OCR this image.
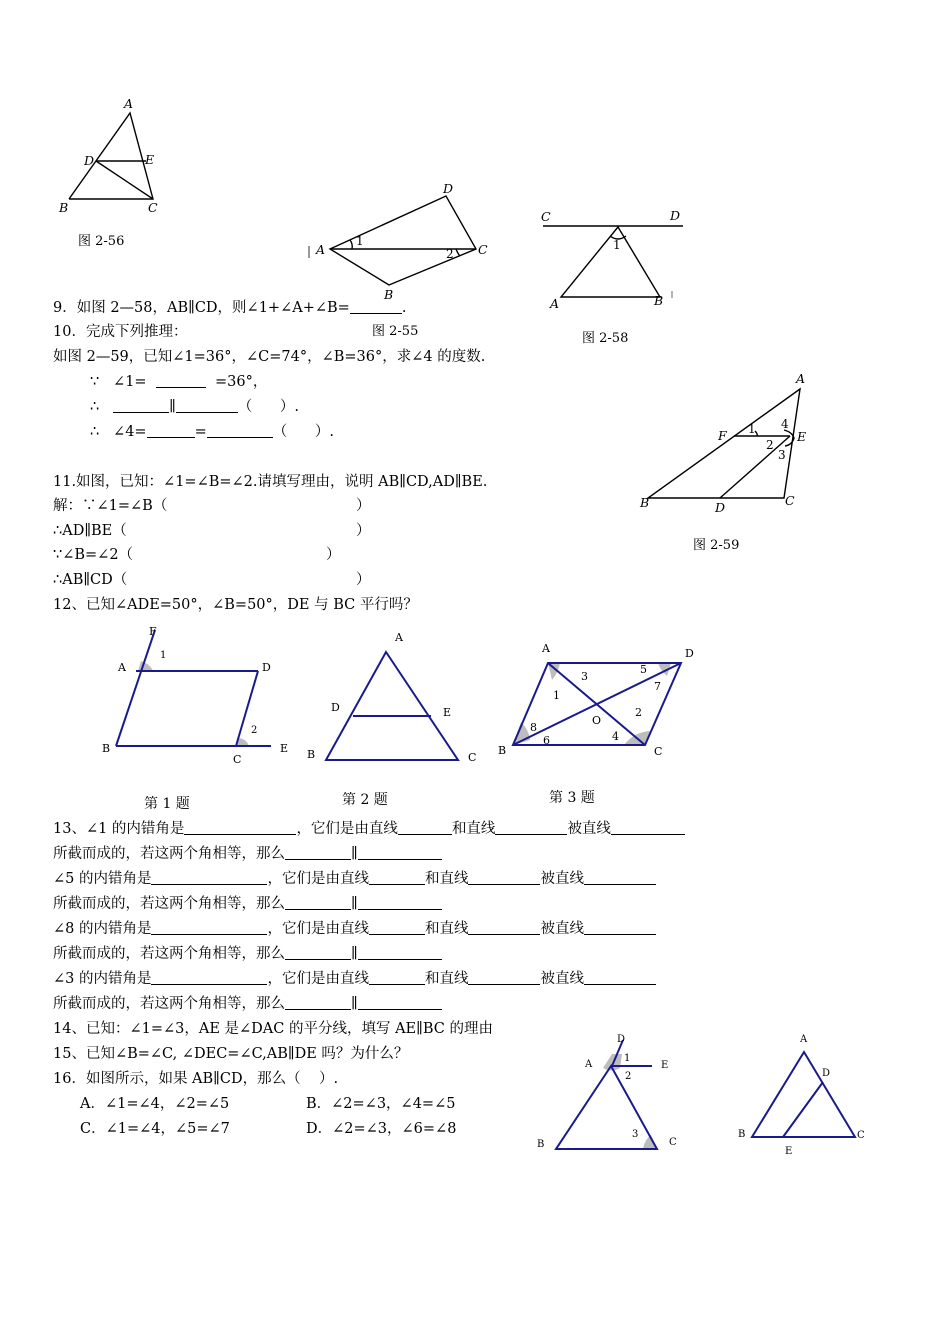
A
D	E
B	C
图 2-56
A
D
C
B
1
2
图 2-55
C	D
A	B
1
图 2-58
A
F	E
B	D	C
1
2
3
4
图 2-59
F
A	D
B
C
E
1
2
第 1 题
A
D	E
B	C
第 2 题
A	D
B	C
O
1
2
3
4
5
6
7
8
第 3 题
D
A	E
B	C
1
2
3
A
D
B	C
E
9．如图 2—58，AB∥CD，则∠1+∠A+∠B=	.
10．完成下列推理：
如图 2—59，已知∠1=36°，∠C=74°，∠B=36°，求∠4 的度数.
∵   ∠1=	=36°，
∴	∥	（      ）.
∴   ∠4=	=	（      ）.
11.如图，已知：∠1=∠B=∠2.请填写理由，说明 AB∥CD,AD∥BE.
解：∵∠1=∠B（	）
∴AD∥BE（	）
∵∠B=∠2（	）
∴AB∥CD（	）
12、已知∠ADE=50°，∠B=50°，DE 与 BC 平行吗？
13、∠1 的内错角是	，它们是由直线	和直线	被直线
所截而成的，若这两个角相等，那么	∥
∠5 的内错角是	，它们是由直线	和直线	被直线
所截而成的，若这两个角相等，那么	∥
∠8 的内错角是	，它们是由直线	和直线	被直线
所截而成的，若这两个角相等，那么	∥
∠3 的内错角是	，它们是由直线	和直线	被直线
所截而成的，若这两个角相等，那么	∥
14、已知：∠1=∠3，AE 是∠DAC 的平分线，填写 AE∥BC 的理由
15、已知∠B=∠C, ∠DEC=∠C,AB∥DE 吗？为什么？
16．如图所示，如果 AB∥CD，那么（    ）.
A．∠1=∠4，∠2=∠5	B．∠2=∠3，∠4=∠5
C．∠1=∠4，∠5=∠7	D．∠2=∠3，∠6=∠8
